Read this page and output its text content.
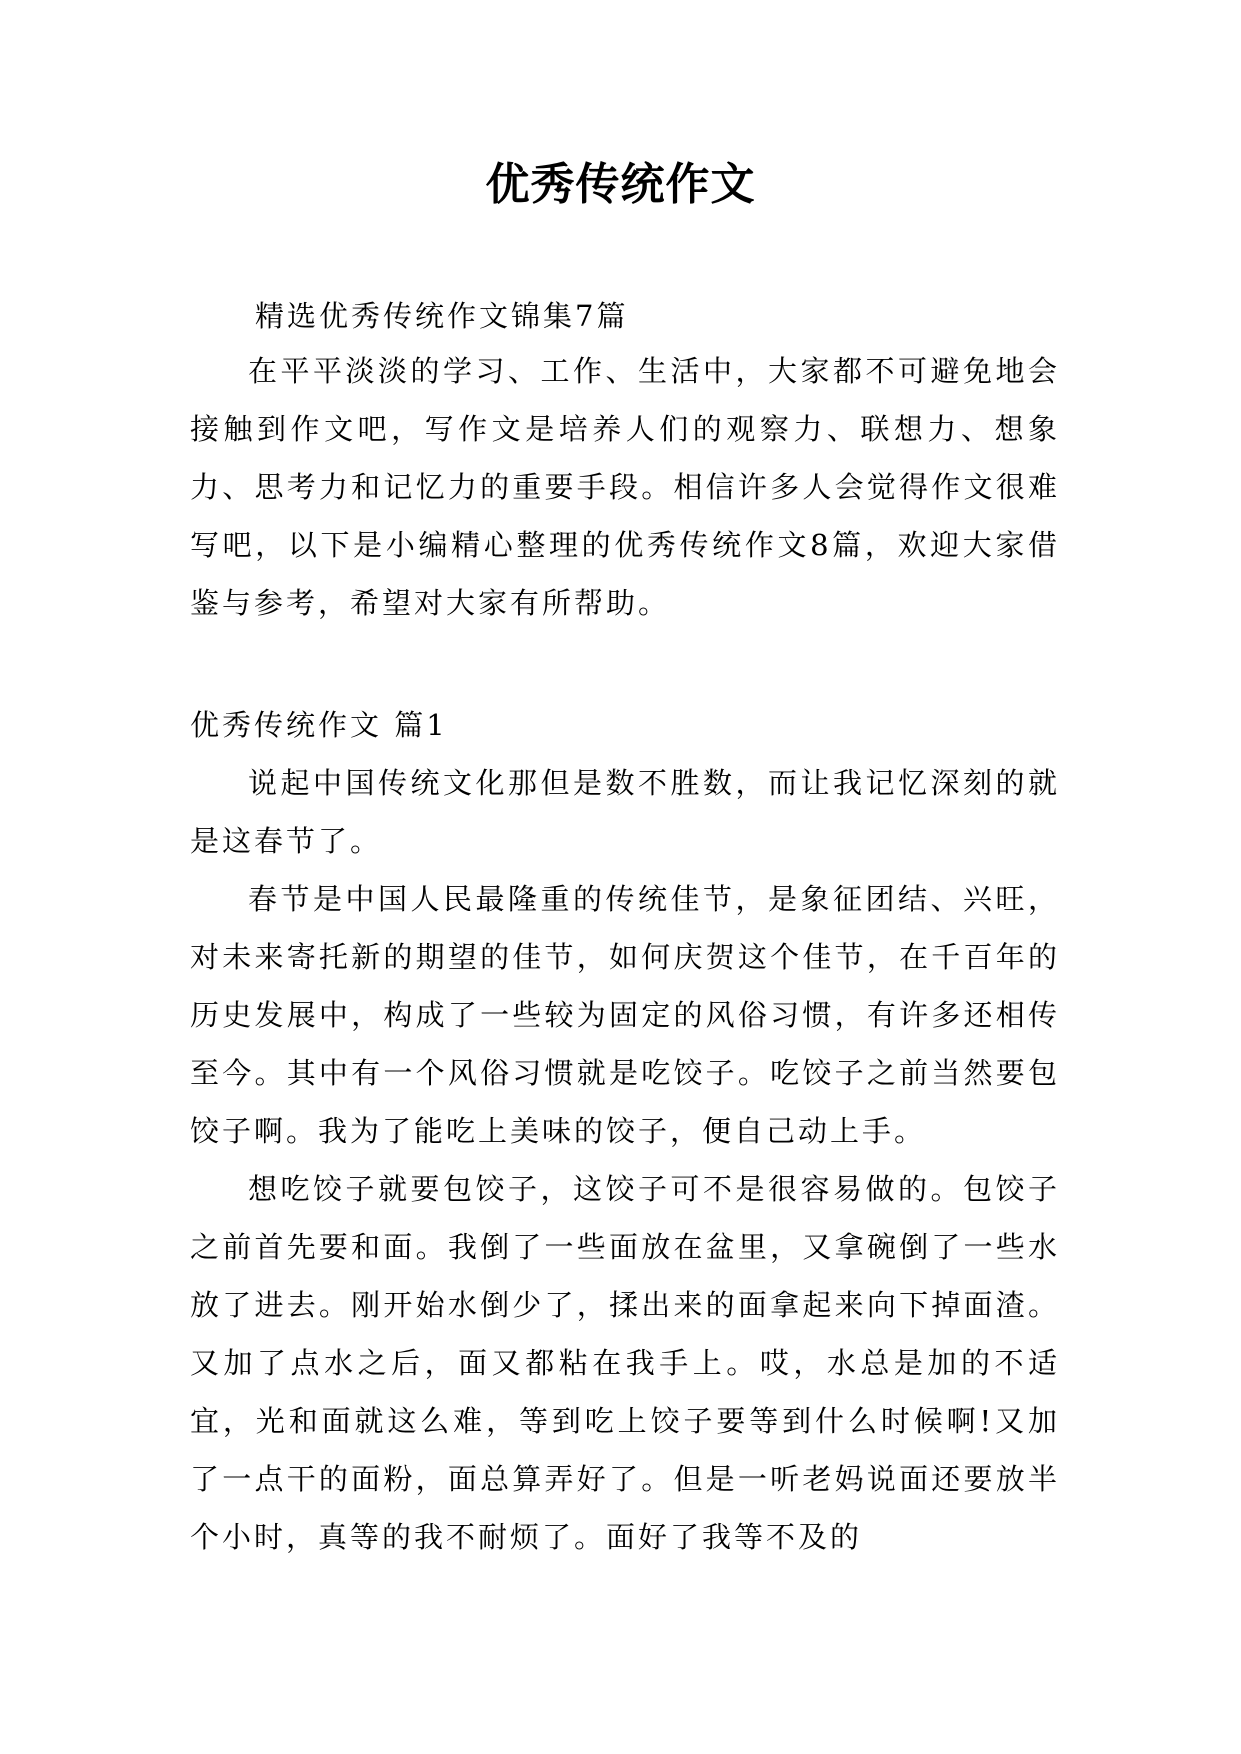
优秀传统作文
精选优秀传统作文锦集7篇

在平平淡淡的学习、工作、生活中，大家都不可避免地会接触到作文吧，写作文是培养人们的观察力、联想力、想象力、思考力和记忆力的重要手段。相信许多人会觉得作文很难写吧，以下是小编精心整理的优秀传统作文8篇，欢迎大家借鉴与参考，希望对大家有所帮助。

优秀传统作文 篇1

说起中国传统文化那但是数不胜数，而让我记忆深刻的就是这春节了。

春节是中国人民最隆重的传统佳节，是象征团结、兴旺，对未来寄托新的期望的佳节，如何庆贺这个佳节，在千百年的历史发展中，构成了一些较为固定的风俗习惯，有许多还相传至今。其中有一个风俗习惯就是吃饺子。吃饺子之前当然要包饺子啊。我为了能吃上美味的饺子，便自己动上手。

想吃饺子就要包饺子，这饺子可不是很容易做的。包饺子之前首先要和面。我倒了一些面放在盆里，又拿碗倒了一些水放了进去。刚开始水倒少了，揉出来的面拿起来向下掉面渣。又加了点水之后，面又都粘在我手上。哎，水总是加的不适宜，光和面就这么难，等到吃上饺子要等到什么时候啊!又加了一点干的面粉，面总算弄好了。但是一听老妈说面还要放半个小时，真等的我不耐烦了。面好了我等不及的
